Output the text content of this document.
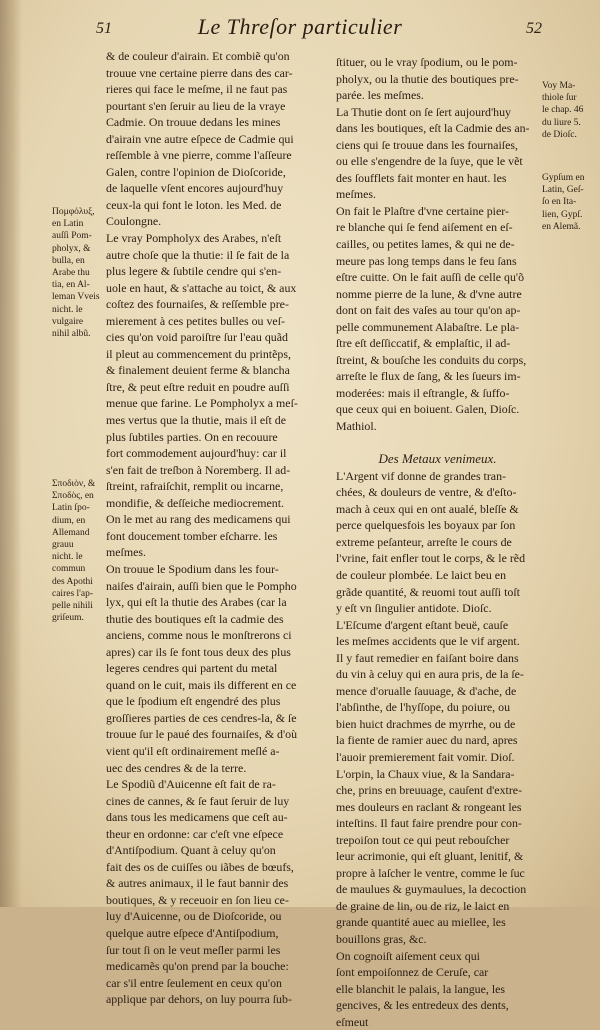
51	Le Threſor particulier	52
Πομφόλυξ,
en Latin
auſſi Pom-
pholyx, &
bulla, en
Arabe thu
tia, en Al-
leman Vveis
nicht. le
vulgaire
nihil albũ.
Σποδιὸν, &
Σποδὸς, en
Latin ſpo-
dium, en
Allemand
grauu
nicht. le
commun
des Apothi
caires l'ap-
pelle nihili
griſeum.
& de couleur d'airain. Et combiẽ qu'on
trouue vne certaine pierre dans des car-
rieres qui face le meſme, il ne faut pas
pourtant s'en ſeruir au lieu de la vraye
Cadmie. On trouue dedans les mines
d'airain vne autre eſpece de Cadmie qui
reſſemble à vne pierre, comme l'aſſeure
Galen, contre l'opinion de Dioſcoride,
de laquelle vſent encores aujourd'huy
ceux-la qui font le loton. les Med. de
Coulongne.
Le vray Pompholyx des Arabes, n'eſt
autre choſe que la thutie: il ſe fait de la
plus legere & ſubtile cendre qui s'en-
uole en haut, & s'attache au toict, & aux
coſtez des fournaiſes, & reſſemble pre-
mierement à ces petites bulles ou veſ-
cies qu'on void paroiſtre ſur l'eau quãd
il pleut au commencement du printẽps,
& finalement deuient ferme & blancha
ſtre, & peut eſtre reduit en poudre auſſi
menue que farine. Le Pompholyx a meſ-
mes vertus que la thutie, mais il eſt de
plus ſubtiles parties. On en recouure
fort commodement aujourd'huy: car il
s'en fait de treſbon à Noremberg. Il ad-
ſtreint, rafraiſchit, remplit ou incarne,
mondifie, & deſſeiche mediocrement.
On le met au rang des medicamens qui
font doucement tomber eſcharre. les
meſmes.
On trouue le Spodium dans les four-
naiſes d'airain, auſſi bien que le Pompho
lyx, qui eſt la thutie des Arabes (car la
thutie des boutiques eſt la cadmie des
anciens, comme nous le monſtrerons ci
apres) car ils ſe font tous deux des plus
legeres cendres qui partent du metal
quand on le cuit, mais ils different en ce
que le ſpodium eſt engendré des plus
groſſieres parties de ces cendres-la, & ſe
trouue ſur le paué des fournaiſes, & d'où
vient qu'il eſt ordinairement meſlé a-
uec des cendres & de la terre.
Le Spodiũ d'Auicenne eſt fait de ra-
cines de cannes, & ſe faut ſeruir de luy
dans tous les medicamens que ceſt au-
theur en ordonne: car c'eſt vne eſpece
d'Antiſpodium. Quant à celuy qu'on
fait des os de cuiſſes ou iãbes de bœufs,
& autres animaux, il le faut bannir des
boutiques, & y receuoir en ſon lieu ce-
luy d'Auicenne, ou de Dioſcoride, ou
quelque autre eſpece d'Antiſpodium,
ſur tout ſi on le veut meſler parmi les
medicamẽs qu'on prend par la bouche:
car s'il entre ſeulement en ceux qu'on
applique par dehors, on luy pourra ſub-
ſtituer, ou le vray ſpodium, ou le pom-
pholyx, ou la thutie des boutiques pre-
parée. les meſmes.
La Thutie dont on ſe ſert aujourd'huy
dans les boutiques, eſt la Cadmie des an-
ciens qui ſe trouue dans les fournaiſes,
ou elle s'engendre de la ſuye, que le vẽt
des ſoufflets fait monter en haut. les
meſmes.
On fait le Plaſtre d'vne certaine pier-
re blanche qui ſe fend aiſement en eſ-
cailles, ou petites lames, & qui ne de-
meure pas long temps dans le feu ſans
eſtre cuitte. On le fait auſſi de celle qu'õ
nomme pierre de la lune, & d'vne autre
dont on fait des vaſes au tour qu'on ap-
pelle communement Alabaſtre. Le pla-
ſtre eſt deſſiccatif, & emplaſtic, il ad-
ſtreint, & bouſche les conduits du corps,
arreſte le flux de ſang, & les ſueurs im-
moderées: mais il eſtrangle, & ſuffo-
que ceux qui en boiuent. Galen, Dioſc.
Mathiol.
Des Metaux venimeux.
L'Argent vif donne de grandes tran-
chées, & douleurs de ventre, & d'eſto-
mach à ceux qui en ont aualé, bleſſe &
perce quelquesfois les boyaux par ſon
extreme peſanteur, arreſte le cours de
l'vrine, fait enfler tout le corps, & le rẽd
de couleur plombée. Le laict beu en
grãde quantité, & reuomi tout auſſi toſt
y eſt vn ſingulier antidote. Dioſc.
L'Eſcume d'argent eſtant beuë, cauſe
les meſmes accidents que le vif argent.
Il y faut remedier en faiſant boire dans
du vin à celuy qui en aura pris, de la ſe-
mence d'orualle ſauuage, & d'ache, de
l'abſinthe, de l'hyſſope, du poiure, ou
bien huict drachmes de myrrhe, ou de
la fiente de ramier auec du nard, apres
l'auoir premierement fait vomir. Dioſ.
L'orpin, la Chaux viue, & la Sandara-
che, prins en breuuage, cauſent d'extre-
mes douleurs en raclant & rongeant les
inteſtins. Il faut faire prendre pour con-
trepoiſon tout ce qui peut rebouſcher
leur acrimonie, qui eſt gluant, lenitif, &
propre à laſcher le ventre, comme le ſuc
de maulues & guymaulues, la decoction
de graine de lin, ou de riz, le laict en
grande quantité auec au miellee, les
bouillons gras, &c.
On cognoiſt aiſement ceux qui
ſont empoiſonnez de Ceruſe, car
elle blanchit le palais, la langue, les
gencives, & les entredeux des dents,
eſmeut
Voy Ma-
thiole ſur
le chap. 46
du liure 5.
de Dioſc.
Gypſum en
Latin, Geſ-
ſo en Ita-
lien, Gypſ.
en Alemã.
